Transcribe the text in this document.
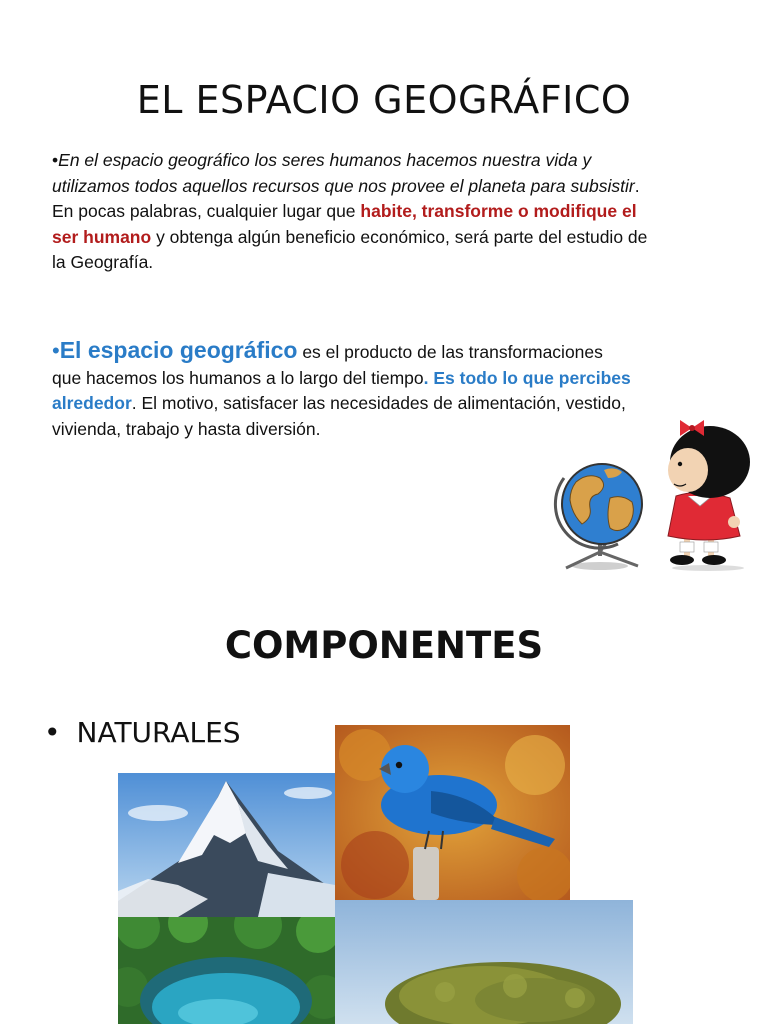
EL ESPACIO GEOGRÁFICO

•En el espacio geográfico los seres humanos hacemos nuestra vida y utilizamos todos aquellos recursos que nos provee el planeta para subsistir. En pocas palabras, cualquier lugar que habite, transforme o modifique el ser humano y obtenga algún beneficio económico, será parte del estudio de la Geografía.

•El espacio geográfico es el producto de las transformaciones que hacemos los humanos a lo largo del tiempo. Es todo lo que percibes alrededor. El motivo, satisfacer las necesidades de alimentación, vestido, vivienda, trabajo y hasta diversión.

COMPONENTES
• NATURALES
